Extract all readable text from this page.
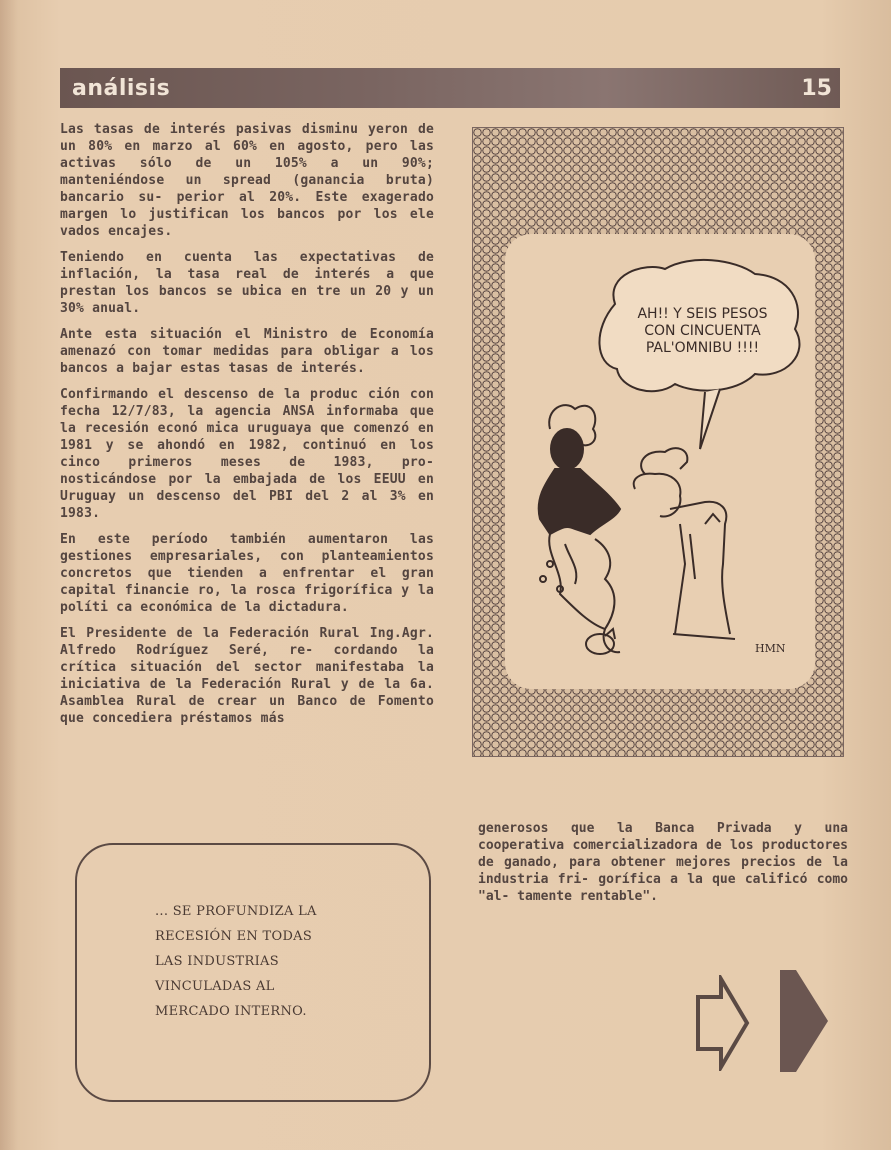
análisis	15

Las tasas de interés pasivas disminu yeron de un 80% en marzo al 60% en agosto, pero las activas sólo de un 105% a un 90%; manteniéndose un spread (ganancia bruta) bancario su- perior al 20%. Este exagerado margen lo justifican los bancos por los ele vados encajes.

Teniendo en cuenta las expectativas de inflación, la tasa real de interés a que prestan los bancos se ubica en tre un 20 y un 30% anual.

Ante esta situación el Ministro de Economía amenazó con tomar medidas para obligar a los bancos a bajar estas tasas de interés.

Confirmando el descenso de la produc ción con fecha 12/7/83, la agencia ANSA informaba que la recesión econó mica uruguaya que comenzó en 1981 y se ahondó en 1982, continuó en los cinco primeros meses de 1983, pro- nosticándose por la embajada de los EEUU en Uruguay un descenso del PBI del 2 al 3% en 1983.

En este período también aumentaron las gestiones empresariales, con planteamientos concretos que tienden a enfrentar el gran capital financie ro, la rosca frigorífica y la políti ca económica de la dictadura.

El Presidente de la Federación Rural Ing.Agr. Alfredo Rodríguez Seré, re- cordando la crítica situación del sector manifestaba la iniciativa de la Federación Rural y de la 6a. Asamblea Rural de crear un Banco de Fomento que concediera préstamos más

AH!! Y SEIS PESOS
CON CINCUENTA
PAL'OMNIBU !!!!
HMN

generosos que la Banca Privada y una cooperativa comercializadora de los productores de ganado, para obtener mejores precios de la industria fri- gorífica a la que calificó como "al- tamente rentable".

... SE PROFUNDIZA LA
RECESIÓN EN TODAS
LAS INDUSTRIAS
VINCULADAS AL
MERCADO INTERNO.
